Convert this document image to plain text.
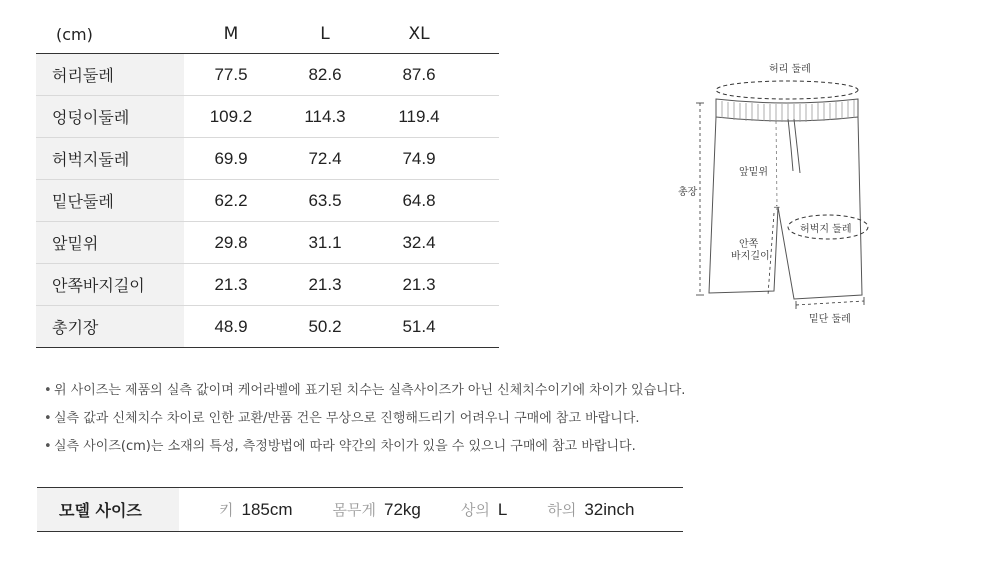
(cm)	M	L	XL	
허리둘레	77.5	82.6	87.6	
엉덩이둘레	109.2	114.3	119.4	
허벅지둘레	69.9	72.4	74.9	
밑단둘레	62.2	63.5	64.8	
앞밑위	29.8	31.1	32.4	
안쪽바지길이	21.3	21.3	21.3	
총기장	48.9	50.2	51.4	
÷
허리 둘레
총장
앞밑위
허벅지 둘레
안쪽
바지길이
밑단 둘레
• 위 사이즈는 제품의 실측 값이며 케어라벨에 표기된 치수는 실측사이즈가 아닌 신체치수이기에 차이가 있습니다.
• 실측 값과 신체치수 차이로 인한 교환/반품 건은 무상으로 진행해드리기 어려우니 구매에 참고 바랍니다.
• 실측 사이즈(cm)는 소재의 특성, 측정방법에 따라 약간의 차이가 있을 수 있으니 구매에 참고 바랍니다.
모델 사이즈	키 185cm	몸무게 72kg	상의 L	하의 32inch
